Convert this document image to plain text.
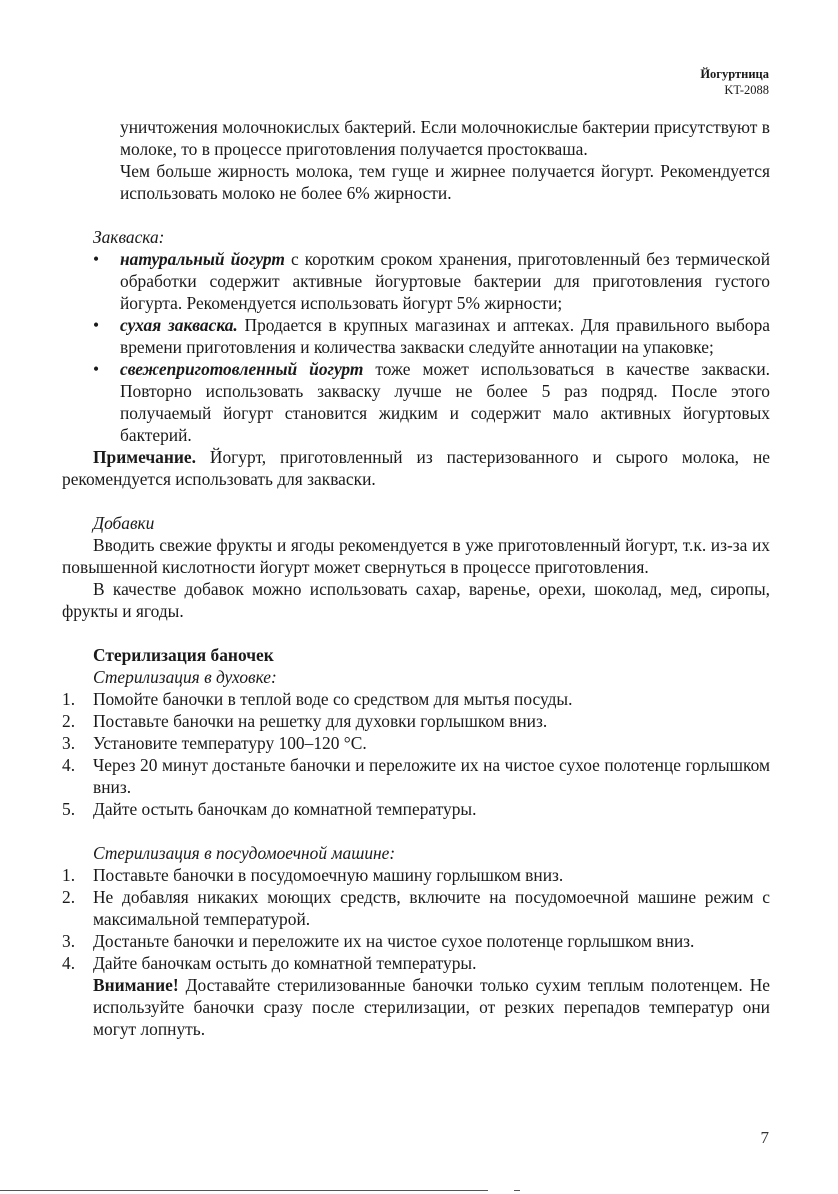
Йогуртница
KT-2088

уничтожения молочнокислых бактерий. Если молочнокислые бактерии присутствуют в молоке, то в процессе приготовления получается простокваша.

Чем больше жирность молока, тем гуще и жирнее получается йогурт. Рекомендуется использовать молоко не более 6% жирности.

Закваска:
• натуральный йогурт с коротким сроком хранения, приготовленный без термической обработки содержит активные йогуртовые бактерии для приготовления густого йогурта. Рекомендуется использовать йогурт 5% жирности;
• сухая закваска. Продается в крупных магазинах и аптеках. Для правильного выбора времени приготовления и количества закваски следуйте аннотации на упаковке;
• свежеприготовленный йогурт тоже может использоваться в качестве закваски. Повторно использовать закваску лучше не более 5 раз подряд. После этого получаемый йогурт становится жидким и содержит мало активных йогуртовых бактерий.

Примечание. Йогурт, приготовленный из пастеризованного и сырого молока, не рекомендуется использовать для закваски.

Добавки

Вводить свежие фрукты и ягоды рекомендуется в уже приготовленный йогурт, т.к. из-за их повышенной кислотности йогурт может свернуться в процессе приготовления.

В качестве добавок можно использовать сахар, варенье, орехи, шоколад, мед, сиропы, фрукты и ягоды.

Стерилизация баночек
Стерилизация в духовке:
1. Помойте баночки в теплой воде со средством для мытья посуды.
2. Поставьте баночки на решетку для духовки горлышком вниз.
3. Установите температуру 100–120 °С.
4. Через 20 минут достаньте баночки и переложите их на чистое сухое полотенце горлышком вниз.
5. Дайте остыть баночкам до комнатной температуры.
Стерилизация в посудомоечной машине:
1. Поставьте баночки в посудомоечную машину горлышком вниз.
2. Не добавляя никаких моющих средств, включите на посудомоечной машине режим с максимальной температурой.
3. Достаньте баночки и переложите их на чистое сухое полотенце горлышком вниз.
4. Дайте баночкам остыть до комнатной температуры.

Внимание! Доставайте стерилизованные баночки только сухим теплым полотенцем. Не используйте баночки сразу после стерилизации, от резких перепадов температур они могут лопнуть.

7
